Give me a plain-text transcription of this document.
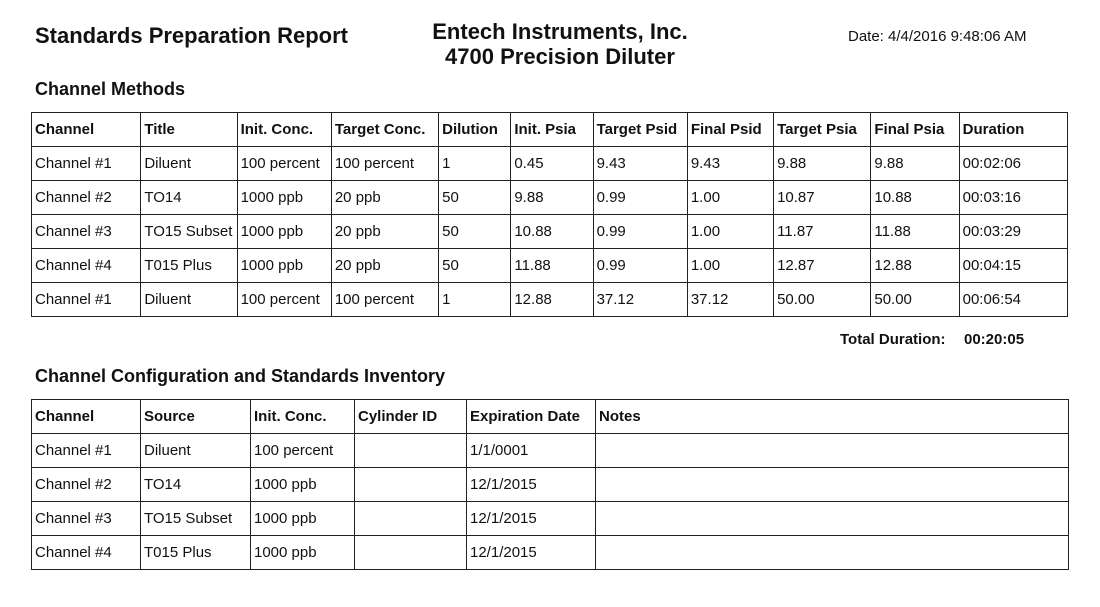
Standards Preparation Report	Entech Instruments, Inc.
4700 Precision Diluter
Date: 4/4/2016 9:48:06 AM
Channel Methods
Channel	Title	Init. Conc.	Target Conc.	Dilution	Init. Psia	Target Psid	Final Psid	Target Psia	Final Psia	Duration
Channel #1	Diluent	100 percent	100 percent	1	0.45	9.43	9.43	9.88	9.88	00:02:06
Channel #2	TO14	1000 ppb	20 ppb	50	9.88	0.99	1.00	10.87	10.88	00:03:16
Channel #3	TO15 Subset	1000 ppb	20 ppb	50	10.88	0.99	1.00	11.87	11.88	00:03:29
Channel #4	T015 Plus	1000 ppb	20 ppb	50	11.88	0.99	1.00	12.87	12.88	00:04:15
Channel #1	Diluent	100 percent	100 percent	1	12.88	37.12	37.12	50.00	50.00	00:06:54
Total Duration: 00:20:05
Channel Configuration and Standards Inventory
Channel	Source	Init. Conc.	Cylinder ID	Expiration Date	Notes
Channel #1	Diluent	100 percent		1/1/0001	
Channel #2	TO14	1000 ppb		12/1/2015	
Channel #3	TO15 Subset	1000 ppb		12/1/2015	
Channel #4	T015 Plus	1000 ppb		12/1/2015	
